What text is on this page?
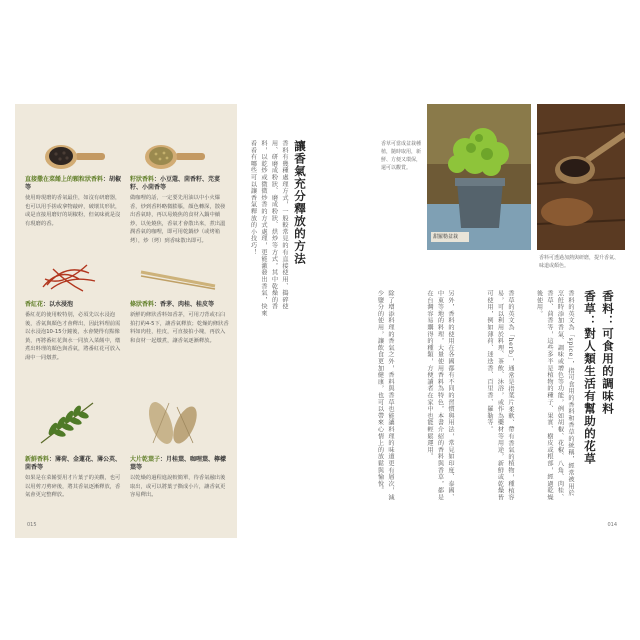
直接撒在菜餚上的顆粒狀香料：胡椒等
使用時現磨的香氣最佳，如沒有研磨器，也可以用手搓或拿物敲碎，破壞其形狀，或是直接用磨好的胡椒粉，但氣味就是沒有現磨的香。
籽狀香料：小豆蔻、茴香籽、芫荽籽、小茴香等
做咖哩的話，一定要先用油以中小火爆香，炒到香料略微膨脹，顏色轉深，散發出香氣時，再以易燒焦的食材入鍋中續炒，以免燒焦，香氣才會散出來，煮出溫潤香氣的咖哩，即可用乾鍋炒（或烤箱烤），炒（烤）到香味散出即可。
香紅花：以水浸泡
番紅花的使用較特別，必須先以水浸泡後，香氣與顏色才會釋出，因此料理前需以水浸泡10-15分鐘後，水會變得有點像黃，再將番紅花與水一同放入菜餚中，燉煮出料理的顏色與香氣，將番紅花可放入湯中一同燉煮。
條狀香料：香茅、肉桂、桂皮等
新鮮的條狀香料如香茅，可用刀背或石臼拍打約4-5下，讓香氣釋放；乾燥的條狀香料如肉桂，桂皮，可直接拍小塊，再放入和食材一起燉煮，讓香氣逐漸釋放。
新鮮香料：薄荷、金蓮花、薄公英、茴香等
如果是在菜餚要用才片葉子的美觀，也可以用剪刀剪碎後，將其香氣逐漸釋放，香氣會更完整釋放。
大片乾葉子：月桂葉、咖哩葉、檸檬葉等
以乾燥的過程進說較簡單，待香氣融出後取出，或可以將葉子撕成小片，讓香氣更容易釋出。
015
讓香氣充分釋放的方法
香料有幾種處理方式，一般較常見的有直接使用、搗碎使用、研磨成粉狀、磨成粉狀、烘炒等方式，其中乾燥的香料，以乾炒或微微炒香的方式處理，更能激發出香氣，快來看看有哪些可以讓香氣釋放的小技巧！	香草可當成盆栽種植，隨時取用，新鮮、方便又環保，還可以觀賞。
甜羅勒盆栽
香料可透過加熱與研磨，提升香氣、味道或顏色。
香料：可食用的調味料
香草：對人類生活有幫助的花草
香料的英文為「spice」，指可食用的香料和香草的統稱，經常被用於烹飪時添加香氣、調味或增色等功能，例如胡椒、花椒、八角、肉桂、香草、茴香等，這些多半是植物的種子、果實、樹皮或根部，經過乾燥後使用。
香草的英文為「herb」，通常是指葉片柔軟、帶有香氣的植物，種植容易，可以利用於料理、茶飲、沐浴，或作為藥材等用途，新鮮或乾燥皆可使用，例如薄荷、迷迭香、百里香、羅勒等。
另外，香料的使用在各國都有不同的習慣與用法，常見如印度、泰國、中東等地的料理，大量使用香料為特色，本書介紹的香料與香草，都是在台灣容易購得的種類，方便讀者在家中也能輕鬆運用。
除了增添料理的香氣之外，香料與香草也能讓料理的味道更有層次，減少鹽分的使用，讓飲食更加健康，也可以帶來心情上的放鬆與愉悅。
014
